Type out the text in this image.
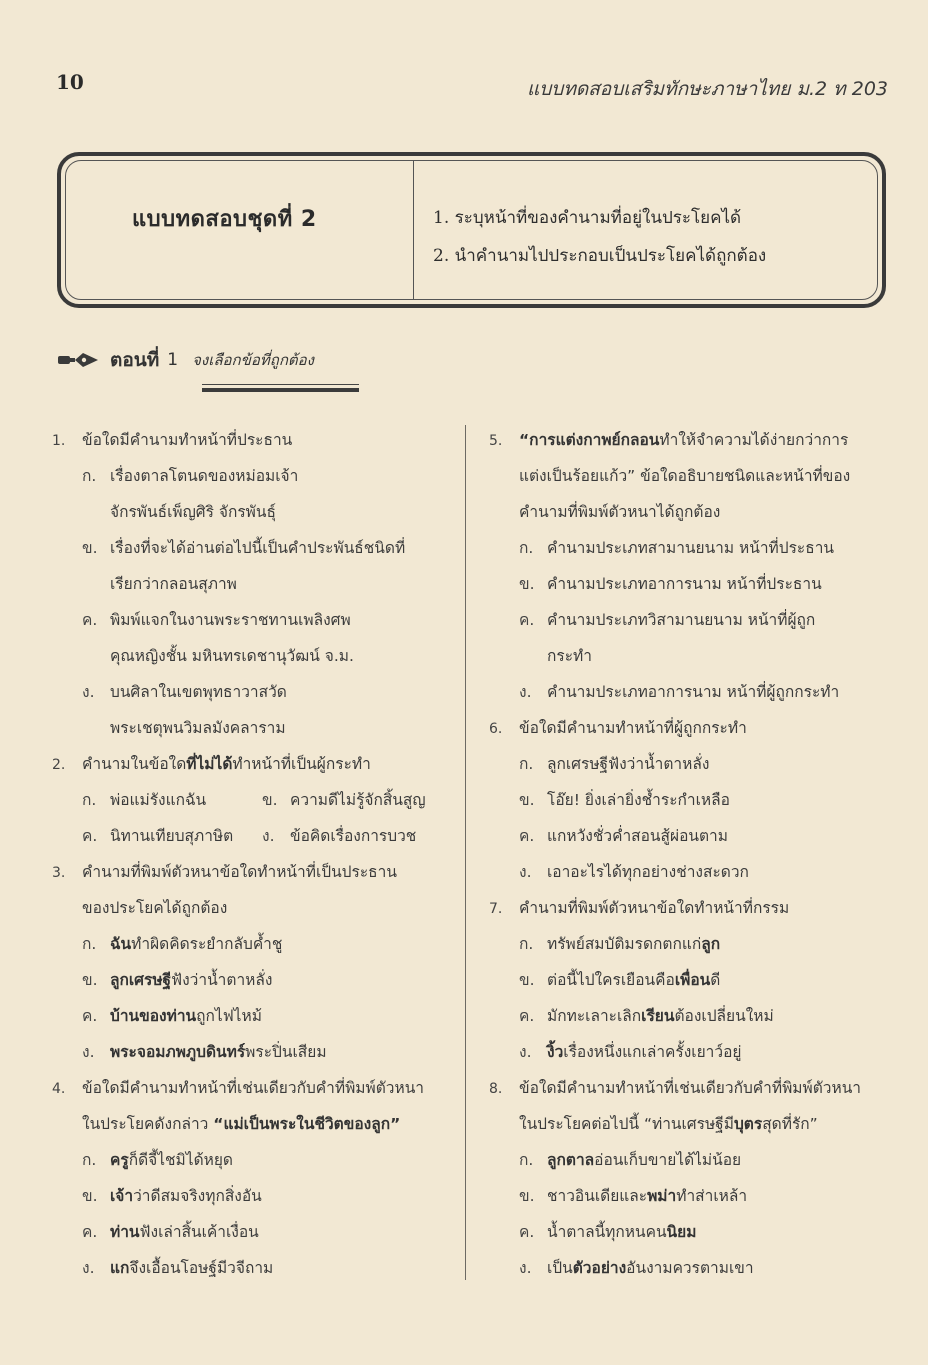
10	แบบทดสอบเสริมทักษะภาษาไทย ม.2 ท 203
แบบทดสอบชุดที่ 2	1. ระบุหน้าที่ของคำนามที่อยู่ในประโยคได้
2. นำคำนามไปประกอบเป็นประโยคได้ถูกต้อง
ตอนที่ 1 จงเลือกข้อที่ถูกต้อง
1. ข้อใดมีคำนามทำหน้าที่ประธาน
ก. เรื่องตาลโตนดของหม่อมเจ้า
จักรพันธ์เพ็ญศิริ จักรพันธุ์
ข. เรื่องที่จะได้อ่านต่อไปนี้เป็นคำประพันธ์ชนิดที่
เรียกว่ากลอนสุภาพ
ค. พิมพ์แจกในงานพระราชทานเพลิงศพ
คุณหญิงชั้น มหินทรเดชานุวัฒน์ จ.ม.
ง. บนศิลาในเขตพุทธาวาสวัด
พระเชตุพนวิมลมังคลาราม
2. คำนามในข้อใดที่ไม่ได้ทำหน้าที่เป็นผู้กระทำ
ก. พ่อแม่รังแกฉัน	ข. ความดีไม่รู้จักสิ้นสูญ
ค. นิทานเทียบสุภาษิต ง. ข้อคิดเรื่องการบวช
3. คำนามที่พิมพ์ตัวหนาข้อใดทำหน้าที่เป็นประธาน
ของประโยคได้ถูกต้อง
ก. ฉันทำผิดคิดระยำกลับค้ำชู
ข. ลูกเศรษฐีฟังว่าน้ำตาหลั่ง
ค. บ้านของท่านถูกไฟไหม้
ง. พระจอมภพภูบดินทร์พระปิ่นเสียม
4. ข้อใดมีคำนามทำหน้าที่เช่นเดียวกับคำที่พิมพ์ตัวหนา
ในประโยคดังกล่าว “แม่เป็นพระในชีวิตของลูก”
ก. ครูก็ดีจี้ไชมิได้หยุด
ข. เจ้าว่าดีสมจริงทุกสิ่งอัน
ค. ท่านฟังเล่าสิ้นเค้าเงื่อน
ง. แกจึงเอื้อนโอษฐ์มีวจีถาม
5. “การแต่งกาพย์กลอนทำให้จำความได้ง่ายกว่าการ
แต่งเป็นร้อยแก้ว” ข้อใดอธิบายชนิดและหน้าที่ของ
คำนามที่พิมพ์ตัวหนาได้ถูกต้อง
ก. คำนามประเภทสามานยนาม หน้าที่ประธาน
ข. คำนามประเภทอาการนาม หน้าที่ประธาน
ค. คำนามประเภทวิสามานยนาม หน้าที่ผู้ถูก
กระทำ
ง. คำนามประเภทอาการนาม หน้าที่ผู้ถูกกระทำ
6. ข้อใดมีคำนามทำหน้าที่ผู้ถูกกระทำ
ก. ลูกเศรษฐีฟังว่าน้ำตาหลั่ง
ข. โอ๊ย! ยิ่งเล่ายิ่งช้ำระกำเหลือ
ค. แกหวังชั่วค่ำสอนสู้ผ่อนตาม
ง. เอาอะไรได้ทุกอย่างช่างสะดวก
7. คำนามที่พิมพ์ตัวหนาข้อใดทำหน้าที่กรรม
ก. ทรัพย์สมบัติมรดกตกแก่ลูก
ข. ต่อนี้ไปใครเยือนคือเพื่อนดี
ค. มักทะเลาะเลิกเรียนต้องเปลี่ยนใหม่
ง. งิ้วเรื่องหนึ่งแกเล่าครั้งเยาว์อยู่
8. ข้อใดมีคำนามทำหน้าที่เช่นเดียวกับคำที่พิมพ์ตัวหนา
ในประโยคต่อไปนี้ “ท่านเศรษฐีมีบุตรสุดที่รัก”
ก. ลูกตาลอ่อนเก็บขายได้ไม่น้อย
ข. ชาวอินเดียและพม่าทำส่าเหล้า
ค. น้ำตาลนี้ทุกหนคนนิยม
ง. เป็นตัวอย่างอันงามควรตามเขา
